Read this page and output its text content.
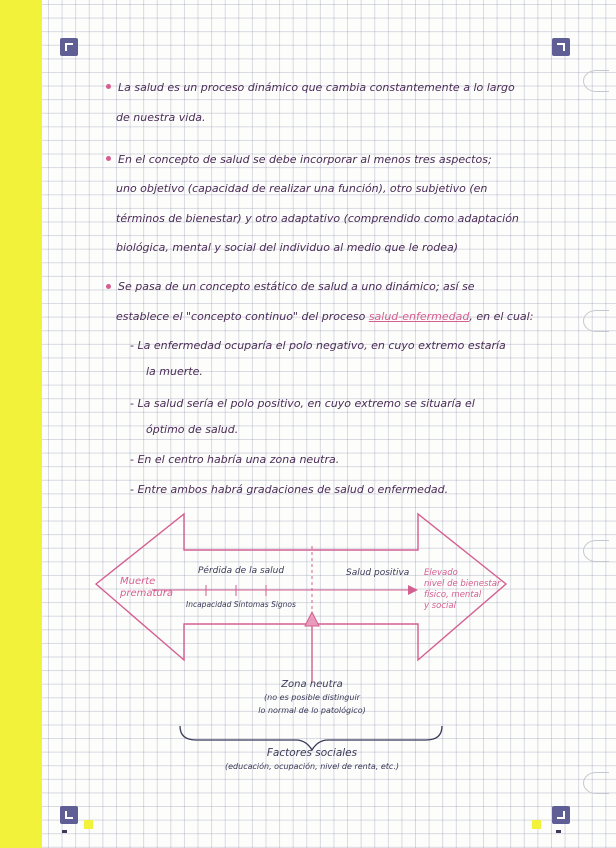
La salud es un proceso dinámico que cambia constantemente a lo largo

de nuestra vida.

En el concepto de salud se debe incorporar al menos tres aspectos;

uno objetivo (capacidad de realizar una función), otro subjetivo (en

términos de bienestar) y otro adaptativo (comprendido como adaptación

biológica, mental y social del individuo al medio que le rodea)

Se pasa de un concepto estático de salud a uno dinámico; así se

establece el "concepto continuo" del proceso salud-enfermedad, en el cual:

- La enfermedad ocuparía el polo negativo, en cuyo extremo estaría

la muerte.

- La salud sería el polo positivo, en cuyo extremo se situaría el

óptimo de salud.

- En el centro habría una zona neutra.

- Entre ambos habrá gradaciones de salud o enfermedad.

Muerte
prematura
Elevado
nivel de bienestar
físico, mental
y social
Pérdida de la salud	Salud positiva
Incapacidad Síntomas Signos
Zona neutra
(no es posible distinguir
lo normal de lo patológico)
Factores sociales
(educación, ocupación, nivel de renta, etc.)
